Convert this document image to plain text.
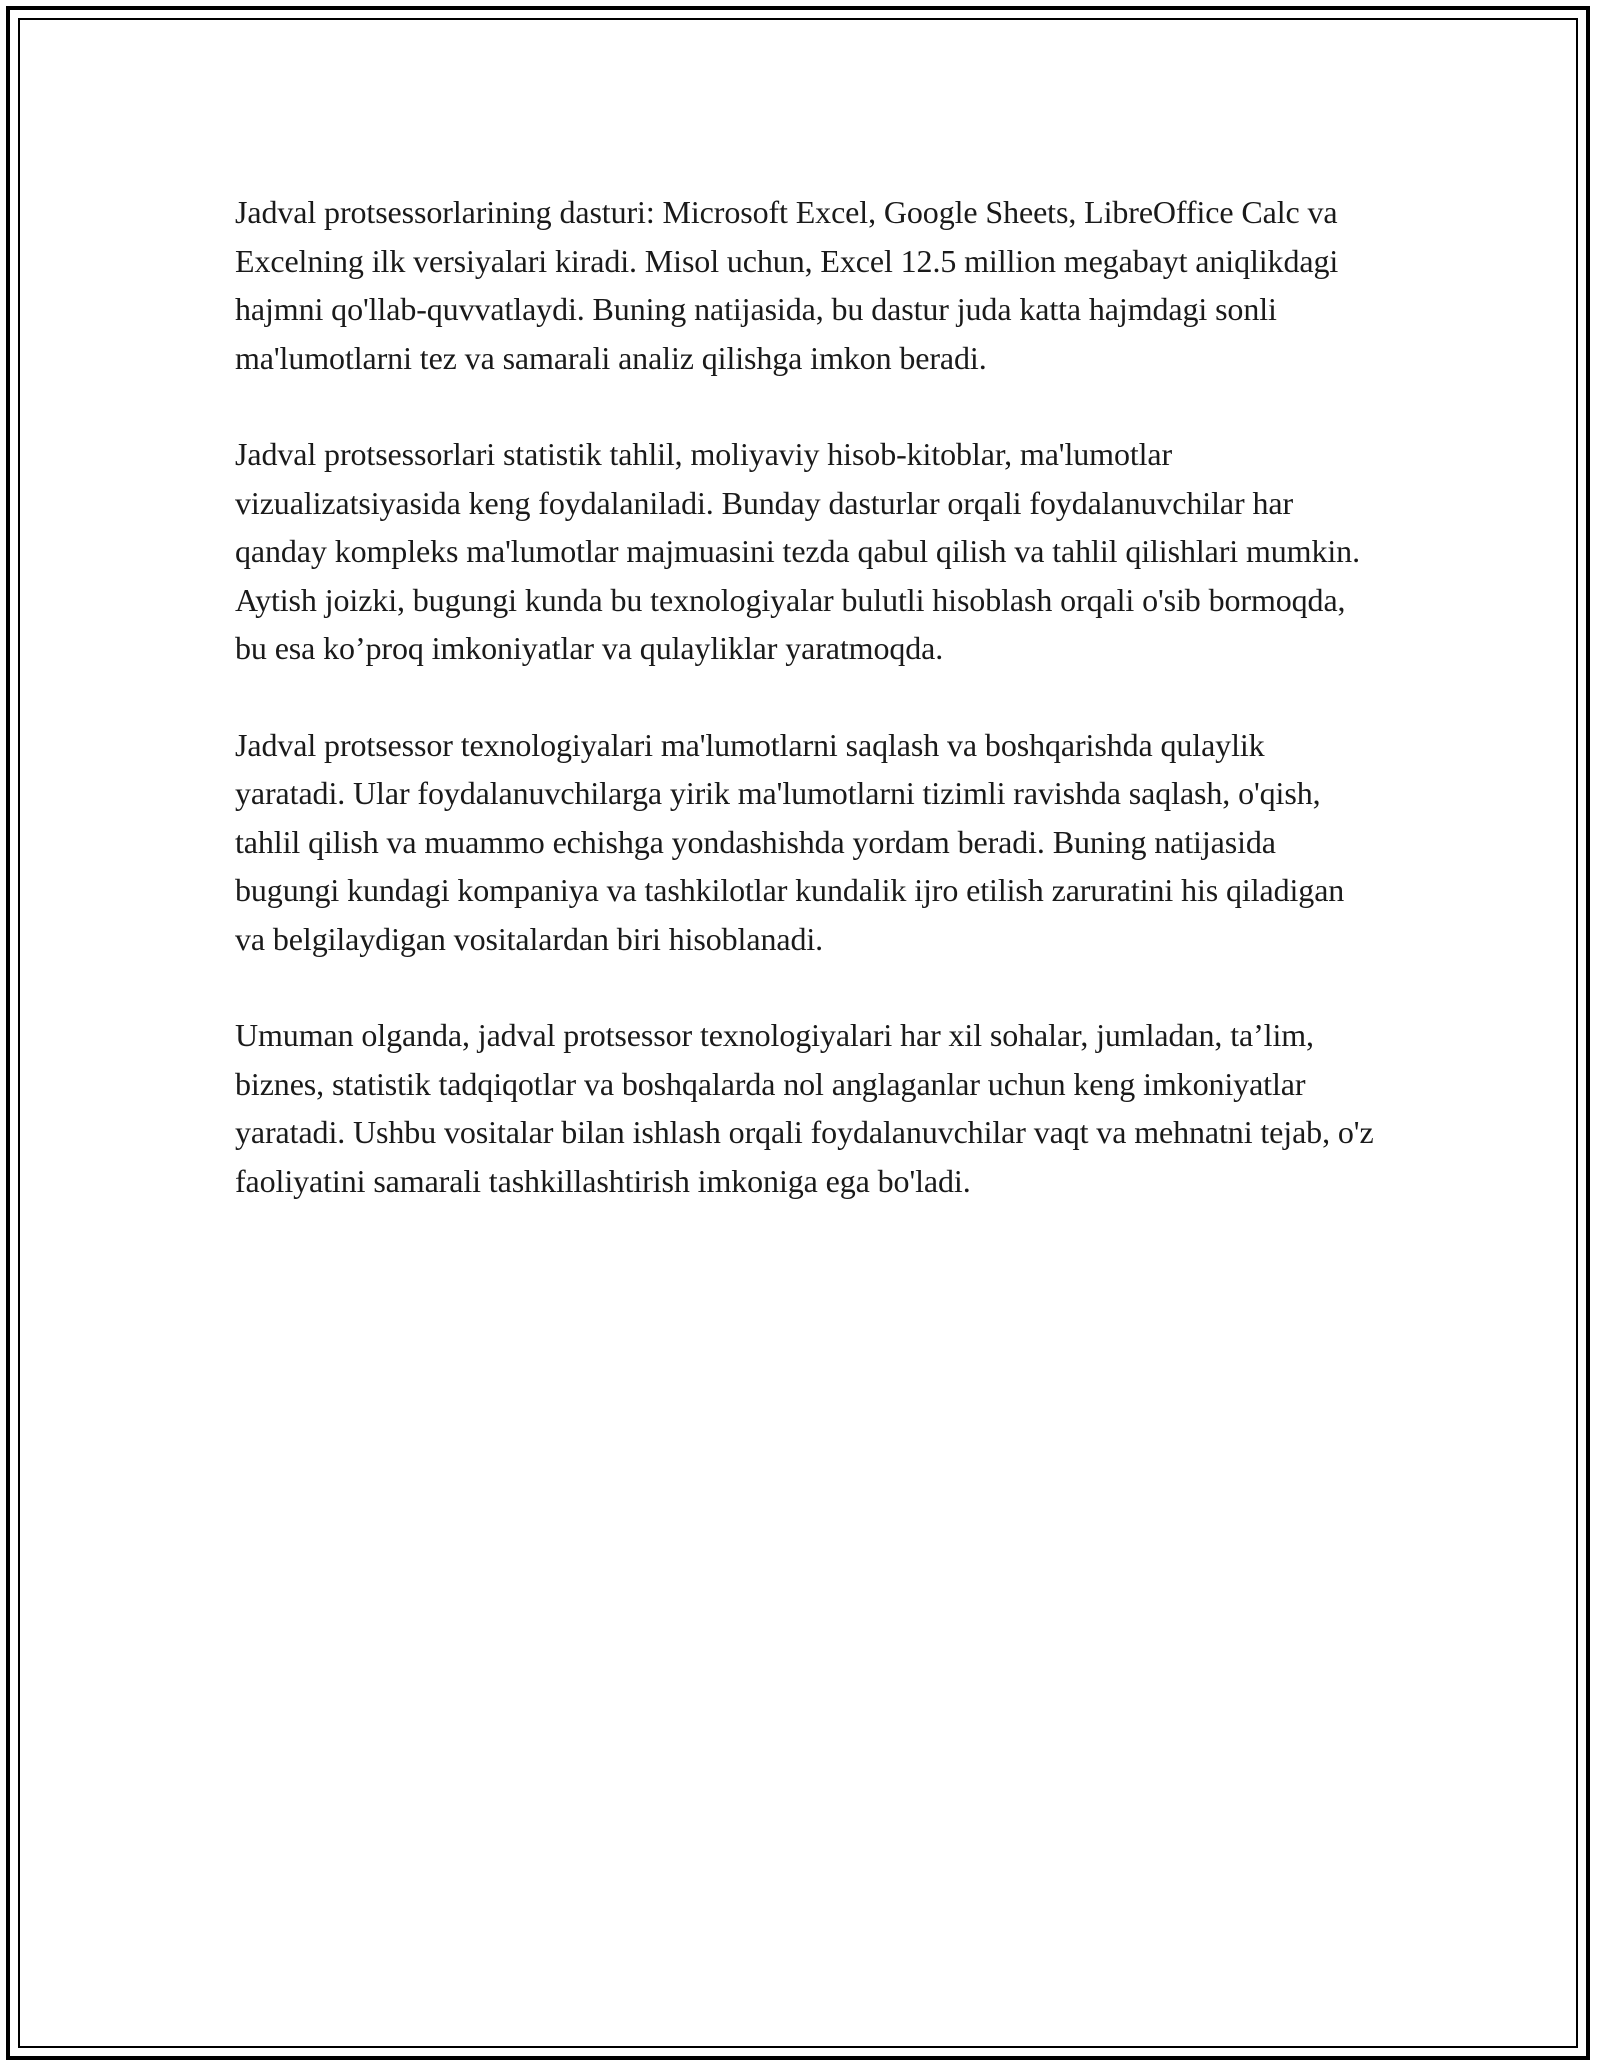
Jadval protsessorlarining dasturi: Microsoft Excel, Google Sheets, LibreOffice Calc va Excelning ilk versiyalari kiradi. Misol uchun, Excel 12.5 million megabayt aniqlikdagi hajmni qo'llab-quvvatlaydi. Buning natijasida, bu dastur juda katta hajmdagi sonli ma'lumotlarni tez va samarali analiz qilishga imkon beradi.

Jadval protsessorlari statistik tahlil, moliyaviy hisob-kitoblar, ma'lumotlar vizualizatsiyasida keng foydalaniladi. Bunday dasturlar orqali foydalanuvchilar har qanday kompleks ma'lumotlar majmuasini tezda qabul qilish va tahlil qilishlari mumkin. Aytish joizki, bugungi kunda bu texnologiyalar bulutli hisoblash orqali o'sib bormoqda, bu esa ko’proq imkoniyatlar va qulayliklar yaratmoqda.

Jadval protsessor texnologiyalari ma'lumotlarni saqlash va boshqarishda qulaylik yaratadi. Ular foydalanuvchilarga yirik ma'lumotlarni tizimli ravishda saqlash, o'qish, tahlil qilish va muammo echishga yondashishda yordam beradi. Buning natijasida bugungi kundagi kompaniya va tashkilotlar kundalik ijro etilish zaruratini his qiladigan va belgilaydigan vositalardan biri hisoblanadi.

Umuman olganda, jadval protsessor texnologiyalari har xil sohalar, jumladan, ta’lim, biznes, statistik tadqiqotlar va boshqalarda nol anglaganlar uchun keng imkoniyatlar yaratadi. Ushbu vositalar bilan ishlash orqali foydalanuvchilar vaqt va mehnatni tejab, o'z faoliyatini samarali tashkillashtirish imkoniga ega bo'ladi.
